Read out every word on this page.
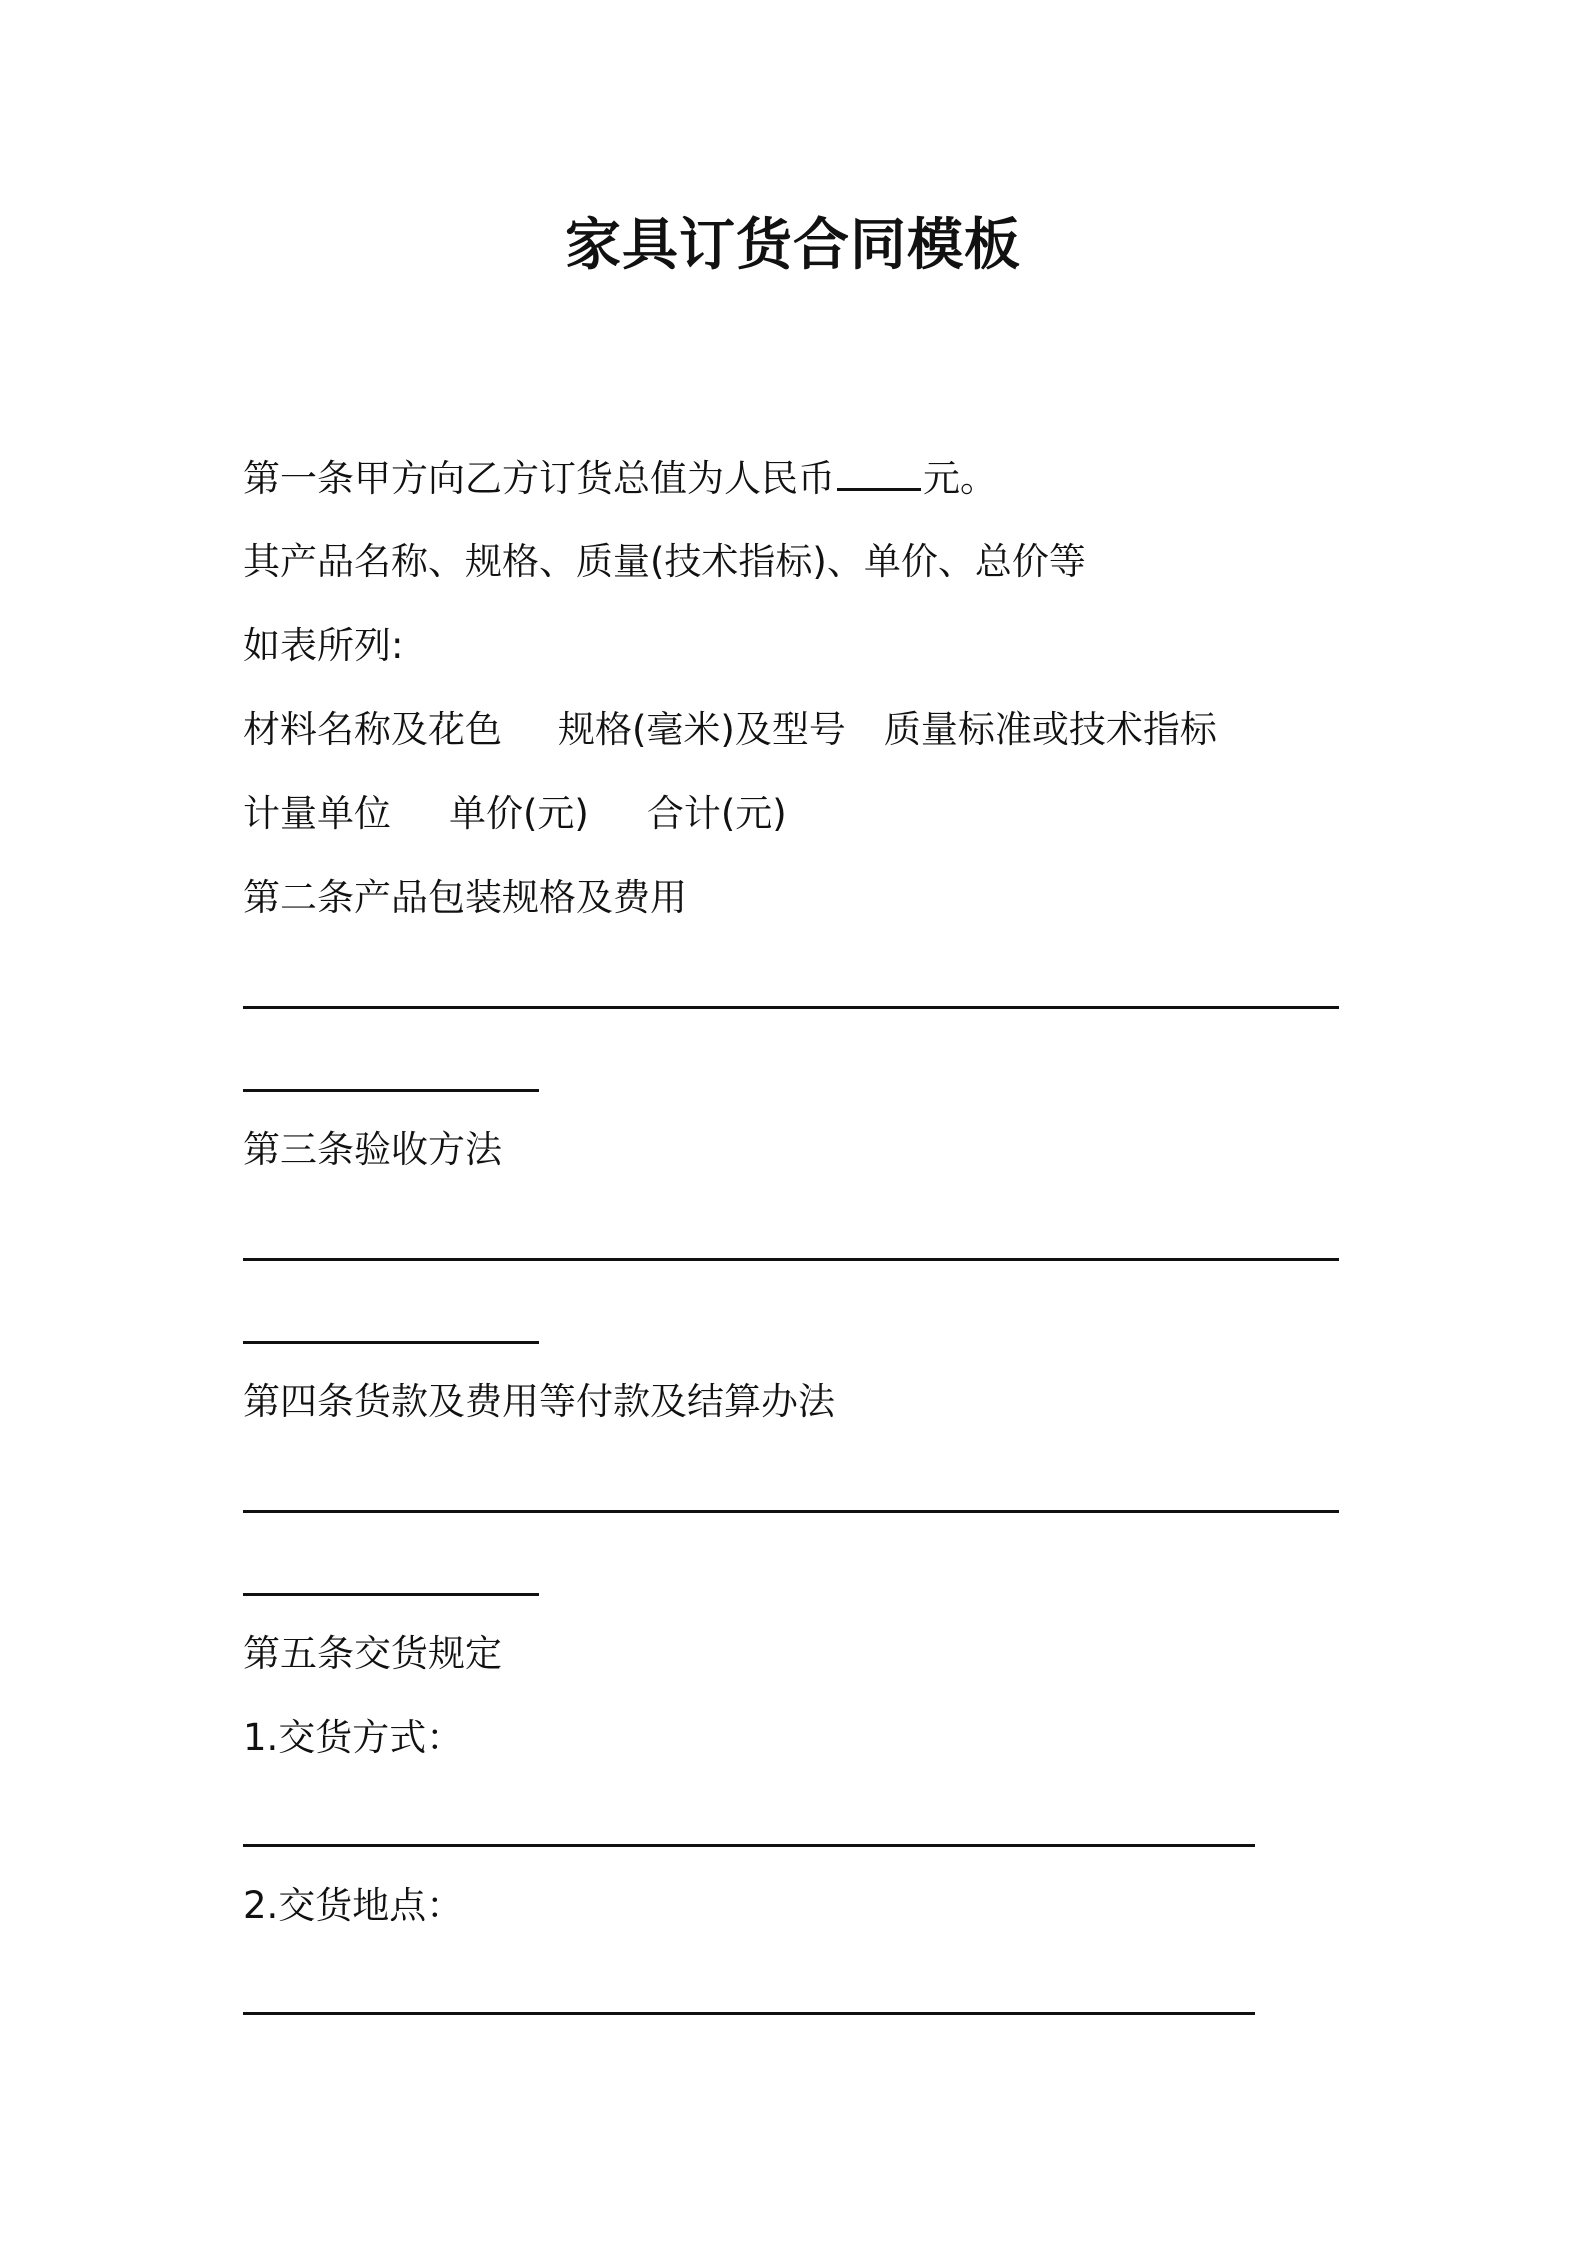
家具订货合同模板

第一条甲方向乙方订货总值为人民币 元。

其产品名称、规格、质量(技术指标)、单价、总价等

如表所列:

材料名称及花色 规格(毫米)及型号 质量标准或技术指标

计量单位 单价(元) 合计(元)

第二条产品包装规格及费用

第三条验收方法

第四条货款及费用等付款及结算办法

第五条交货规定

1.交货方式：

2.交货地点：
